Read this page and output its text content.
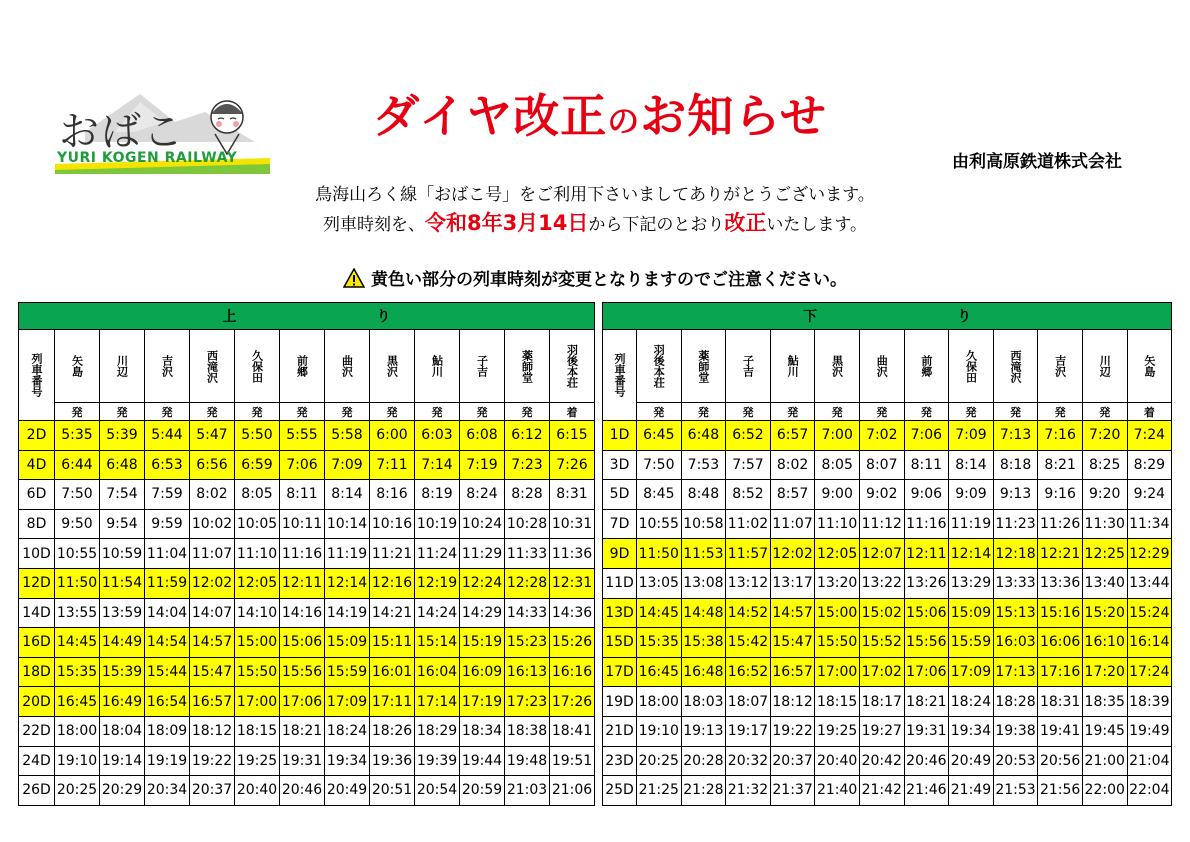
おばこ
YURI KOGEN RAILWAY
ダイヤ改正のお知らせ
由利高原鉄道株式会社
鳥海山ろく線「おばこ号」をご利用下さいましてありがとうございます。
列車時刻を、令和8年3月14日から下記のとおり改正いたします。
黄色い部分の列車時刻が変更となりますのでご注意ください。
上 り												

列車番号	矢島	川辺	吉沢	西滝沢	久保田	前郷	曲沢	黒沢	鮎川	子吉	薬師堂	羽後本荘

	発	発	発	発	発	発	発	発	発	発	発	着
2D	5:35	5:39	5:44	5:47	5:50	5:55	5:58	6:00	6:03	6:08	6:12	6:15
4D	6:44	6:48	6:53	6:56	6:59	7:06	7:09	7:11	7:14	7:19	7:23	7:26
6D	7:50	7:54	7:59	8:02	8:05	8:11	8:14	8:16	8:19	8:24	8:28	8:31
8D	9:50	9:54	9:59	10:02	10:05	10:11	10:14	10:16	10:19	10:24	10:28	10:31
10D	10:55	10:59	11:04	11:07	11:10	11:16	11:19	11:21	11:24	11:29	11:33	11:36
12D	11:50	11:54	11:59	12:02	12:05	12:11	12:14	12:16	12:19	12:24	12:28	12:31
14D	13:55	13:59	14:04	14:07	14:10	14:16	14:19	14:21	14:24	14:29	14:33	14:36
16D	14:45	14:49	14:54	14:57	15:00	15:06	15:09	15:11	15:14	15:19	15:23	15:26
18D	15:35	15:39	15:44	15:47	15:50	15:56	15:59	16:01	16:04	16:09	16:13	16:16
20D	16:45	16:49	16:54	16:57	17:00	17:06	17:09	17:11	17:14	17:19	17:23	17:26
22D	18:00	18:04	18:09	18:12	18:15	18:21	18:24	18:26	18:29	18:34	18:38	18:41
24D	19:10	19:14	19:19	19:22	19:25	19:31	19:34	19:36	19:39	19:44	19:48	19:51
26D	20:25	20:29	20:34	20:37	20:40	20:46	20:49	20:51	20:54	20:59	21:03	21:06
下 り												

列車番号	羽後本荘	薬師堂	子吉	鮎川	黒沢	曲沢	前郷	久保田	西滝沢	吉沢	川辺	矢島

	発	発	発	発	発	発	発	発	発	発	発	着
1D	6:45	6:48	6:52	6:57	7:00	7:02	7:06	7:09	7:13	7:16	7:20	7:24
3D	7:50	7:53	7:57	8:02	8:05	8:07	8:11	8:14	8:18	8:21	8:25	8:29
5D	8:45	8:48	8:52	8:57	9:00	9:02	9:06	9:09	9:13	9:16	9:20	9:24
7D	10:55	10:58	11:02	11:07	11:10	11:12	11:16	11:19	11:23	11:26	11:30	11:34
9D	11:50	11:53	11:57	12:02	12:05	12:07	12:11	12:14	12:18	12:21	12:25	12:29
11D	13:05	13:08	13:12	13:17	13:20	13:22	13:26	13:29	13:33	13:36	13:40	13:44
13D	14:45	14:48	14:52	14:57	15:00	15:02	15:06	15:09	15:13	15:16	15:20	15:24
15D	15:35	15:38	15:42	15:47	15:50	15:52	15:56	15:59	16:03	16:06	16:10	16:14
17D	16:45	16:48	16:52	16:57	17:00	17:02	17:06	17:09	17:13	17:16	17:20	17:24
19D	18:00	18:03	18:07	18:12	18:15	18:17	18:21	18:24	18:28	18:31	18:35	18:39
21D	19:10	19:13	19:17	19:22	19:25	19:27	19:31	19:34	19:38	19:41	19:45	19:49
23D	20:25	20:28	20:32	20:37	20:40	20:42	20:46	20:49	20:53	20:56	21:00	21:04
25D	21:25	21:28	21:32	21:37	21:40	21:42	21:46	21:49	21:53	21:56	22:00	22:04
